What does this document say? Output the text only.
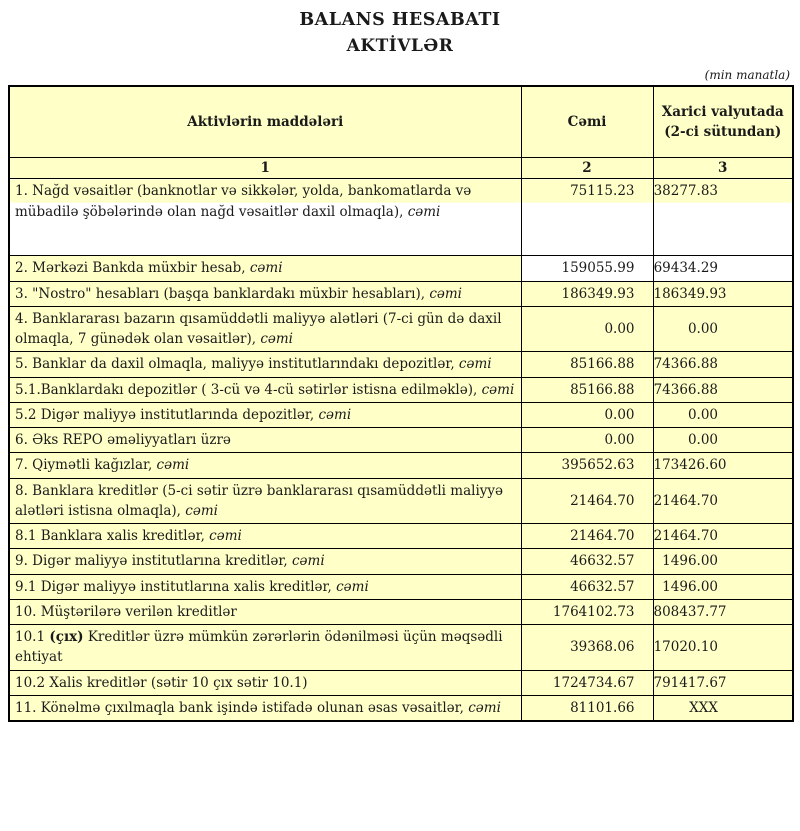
BALANS HESABATI
AKTİVLƏR
(min manatla)
Aktivlərin maddələri	Cəmi	Xarici valyutada (2-ci sütundan)
1	2	3
1. Nağd vəsaitlər (banknotlar və sikkələr, yolda, bankomatlarda və mübadilə şöbələrində olan nağd vəsaitlər daxil olmaqla), cəmi	75115.23	38277.83
2. Mərkəzi Bankda müxbir hesab, cəmi	159055.99	69434.29
3. "Nostro" hesabları (başqa banklardakı müxbir hesabları), cəmi	186349.93	186349.93
4. Banklararası bazarın qısamüddətli maliyyə alətləri (7-ci gün də daxil olmaqla, 7 günədək olan vəsaitlər), cəmi	0.00	0.00
5. Banklar da daxil olmaqla, maliyyə institutlarındakı depozitlər, cəmi	85166.88	74366.88
5.1.Banklardakı depozitlər ( 3-cü və 4-cü sətirlər istisna edilməklə), cəmi	85166.88	74366.88
5.2 Digər maliyyə institutlarında depozitlər, cəmi	0.00	0.00
6. Əks REPO əməliyyatları üzrə	0.00	0.00
7. Qiymətli kağızlar, cəmi	395652.63	173426.60
8. Banklara kreditlər (5-ci sətir üzrə banklararası qısamüddətli maliyyə alətləri istisna olmaqla), cəmi	21464.70	21464.70
8.1 Banklara xalis kreditlər, cəmi	21464.70	21464.70
9. Digər maliyyə institutlarına kreditlər, cəmi	46632.57	1496.00
9.1 Digər maliyyə institutlarına xalis kreditlər, cəmi	46632.57	1496.00
10. Müştərilərə verilən kreditlər	1764102.73	808437.77
10.1 (çıx) Kreditlər üzrə mümkün zərərlərin ödənilməsi üçün məqsədli ehtiyat	39368.06	17020.10
10.2 Xalis kreditlər (sətir 10 çıx sətir 10.1)	1724734.67	791417.67
11. Könəlmə çıxılmaqla bank işində istifadə olunan əsas vəsaitlər, cəmi	81101.66	XXX
